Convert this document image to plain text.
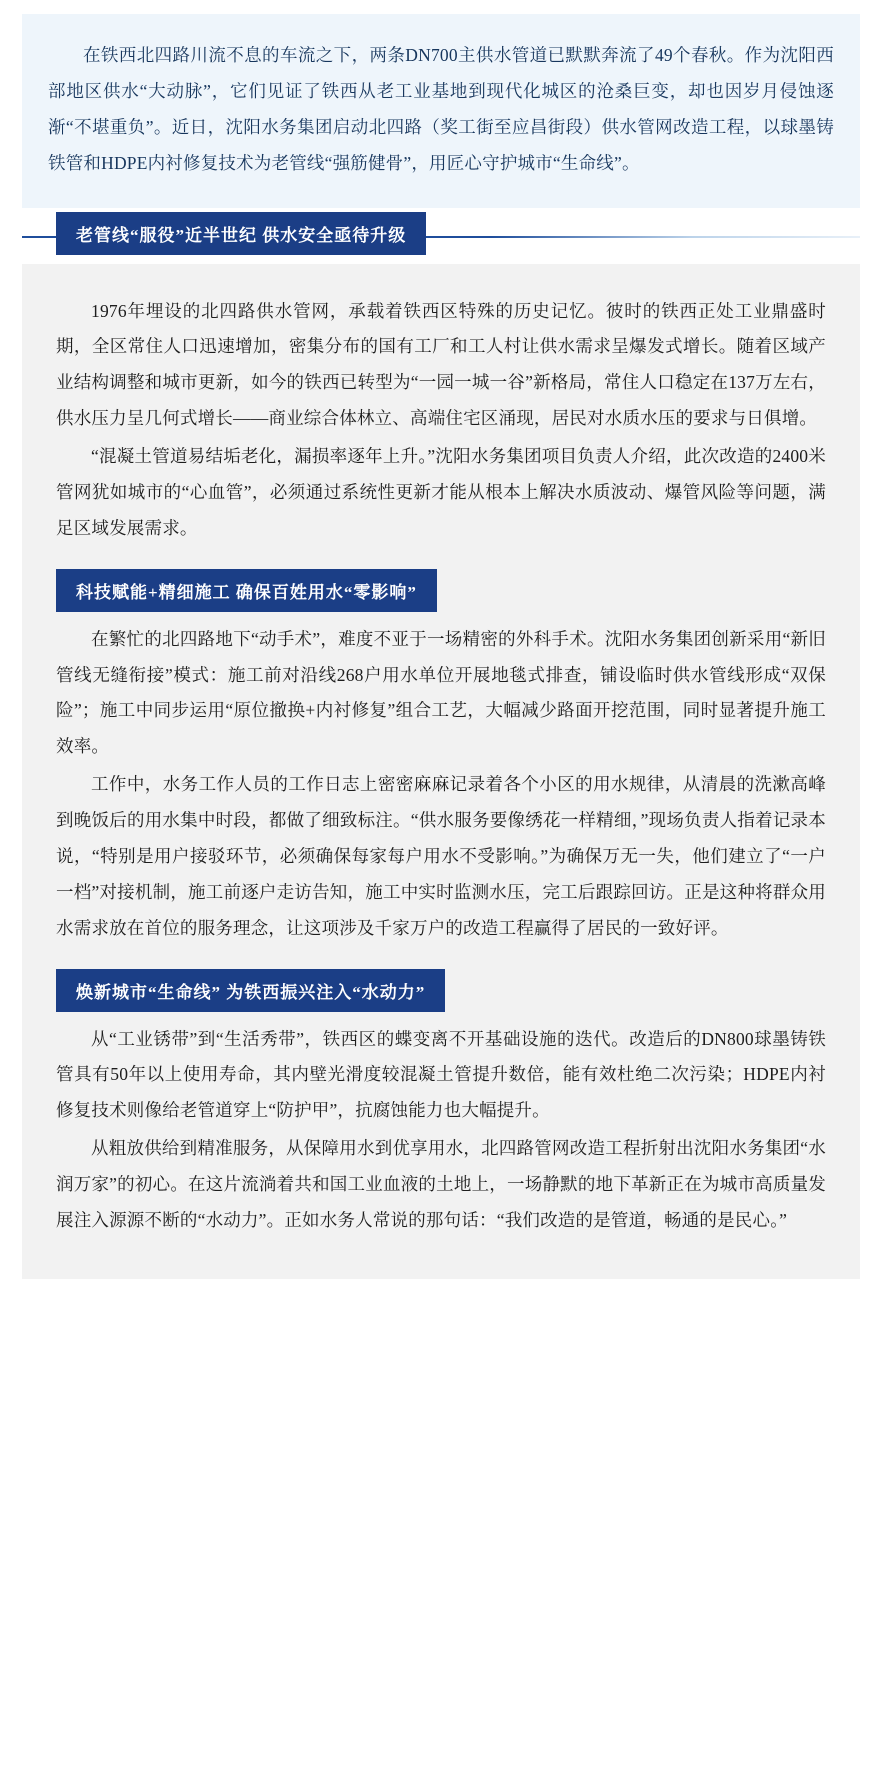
在铁西北四路川流不息的车流之下，两条DN700主供水管道已默默奔流了49个春秋。作为沈阳西部地区供水“大动脉”，它们见证了铁西从老工业基地到现代化城区的沧桑巨变，却也因岁月侵蚀逐渐“不堪重负”。近日，沈阳水务集团启动北四路（奖工街至应昌街段）供水管网改造工程，以球墨铸铁管和HDPE内衬修复技术为老管线“强筋健骨”，用匠心守护城市“生命线”。

老管线“服役”近半世纪 供水安全亟待升级
1976年埋设的北四路供水管网，承载着铁西区特殊的历史记忆。彼时的铁西正处工业鼎盛时期，全区常住人口迅速增加，密集分布的国有工厂和工人村让供水需求呈爆发式增长。随着区域产业结构调整和城市更新，如今的铁西已转型为“一园一城一谷”新格局，常住人口稳定在137万左右，供水压力呈几何式增长——商业综合体林立、高端住宅区涌现，居民对水质水压的要求与日俱增。
“混凝土管道易结垢老化，漏损率逐年上升。”沈阳水务集团项目负责人介绍，此次改造的2400米管网犹如城市的“心血管”，必须通过系统性更新才能从根本上解决水质波动、爆管风险等问题，满足区域发展需求。
科技赋能+精细施工 确保百姓用水“零影响”
在繁忙的北四路地下“动手术”，难度不亚于一场精密的外科手术。沈阳水务集团创新采用“新旧管线无缝衔接”模式：施工前对沿线268户用水单位开展地毯式排查，铺设临时供水管线形成“双保险”；施工中同步运用“原位撤换+内衬修复”组合工艺，大幅减少路面开挖范围，同时显著提升施工效率。
工作中，水务工作人员的工作日志上密密麻麻记录着各个小区的用水规律，从清晨的洗漱高峰到晚饭后的用水集中时段，都做了细致标注。“供水服务要像绣花一样精细，”现场负责人指着记录本说，“特别是用户接驳环节，必须确保每家每户用水不受影响。”为确保万无一失，他们建立了“一户一档”对接机制，施工前逐户走访告知，施工中实时监测水压，完工后跟踪回访。正是这种将群众用水需求放在首位的服务理念，让这项涉及千家万户的改造工程赢得了居民的一致好评。
焕新城市“生命线” 为铁西振兴注入“水动力”
从“工业锈带”到“生活秀带”，铁西区的蝶变离不开基础设施的迭代。改造后的DN800球墨铸铁管具有50年以上使用寿命，其内壁光滑度较混凝土管提升数倍，能有效杜绝二次污染；HDPE内衬修复技术则像给老管道穿上“防护甲”，抗腐蚀能力也大幅提升。
从粗放供给到精准服务，从保障用水到优享用水，北四路管网改造工程折射出沈阳水务集团“水润万家”的初心。在这片流淌着共和国工业血液的土地上，一场静默的地下革新正在为城市高质量发展注入源源不断的“水动力”。正如水务人常说的那句话：“我们改造的是管道，畅通的是民心。”
